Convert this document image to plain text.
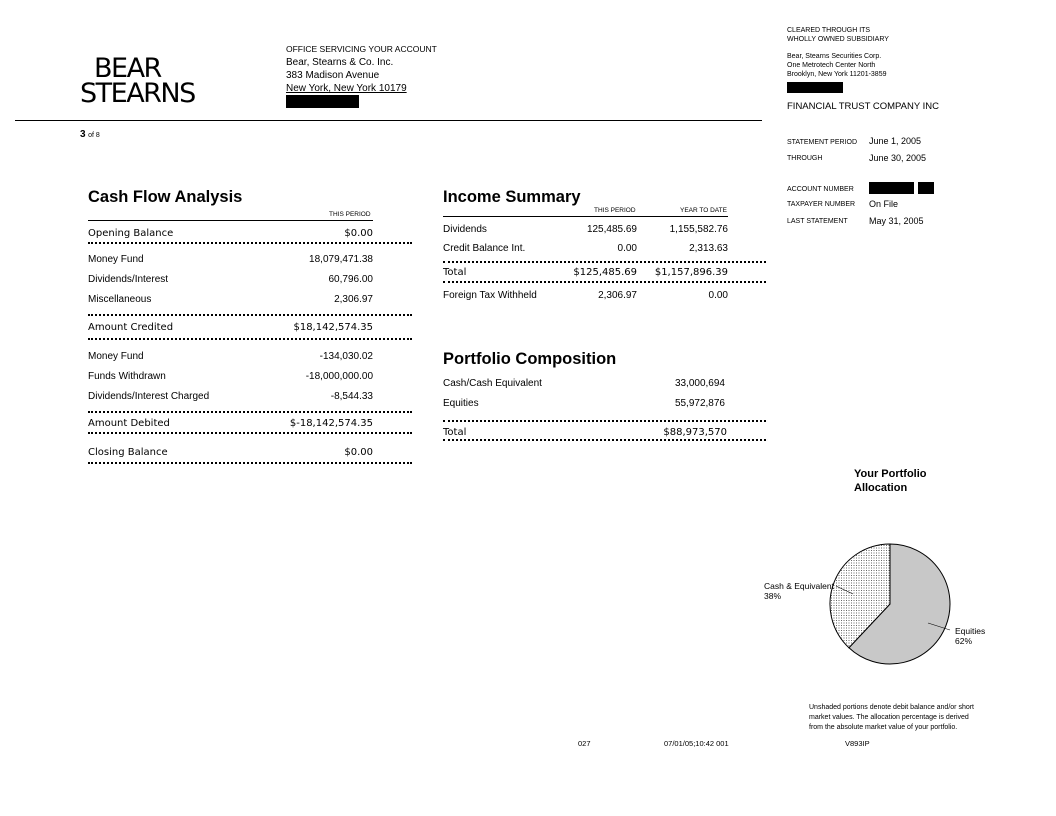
BEAR
STEARNS
OFFICE SERVICING YOUR ACCOUNT
Bear, Stearns & Co. Inc.
383 Madison Avenue
New York, New York 10179
3 of 8
CLEARED THROUGH ITS
WHOLLY OWNED SUBSIDIARY
Bear, Stearns Securities Corp.
One Metrotech Center North
Brooklyn, New York 11201-3859
FINANCIAL TRUST COMPANY INC
STATEMENT PERIOD June 1, 2005
THROUGH	June 30, 2005
ACCOUNT NUMBER
TAXPAYER NUMBER On File
LAST STATEMENT May 31, 2005
Cash Flow Analysis
THIS PERIOD
Opening Balance	$0.00
Money Fund	18,079,471.38
Dividends/Interest	60,796.00
Miscellaneous	2,306.97
Amount Credited	$18,142,574.35
Money Fund	-134,030.02
Funds Withdrawn	-18,000,000.00
Dividends/Interest Charged	-8,544.33
Amount Debited	$-18,142,574.35
Closing Balance	$0.00
Income Summary
THIS PERIOD	YEAR TO DATE
Dividends	125,485.69	1,155,582.76
Credit Balance Int.	0.00	2,313.63
Total	$125,485.69	$1,157,896.39
Foreign Tax Withheld	2,306.97	0.00
Portfolio Composition
Cash/Cash Equivalent	33,000,694
Equities	55,972,876
Total	$88,973,570
Your Portfolio
Allocation
Cash & Equivalent
38%
Equities
62%
Unshaded portions denote debit balance and/or short
market values. The allocation percentage is derived
from the absolute market value of your portfolio.
027	07/01/05;10:42 001	V893IP
